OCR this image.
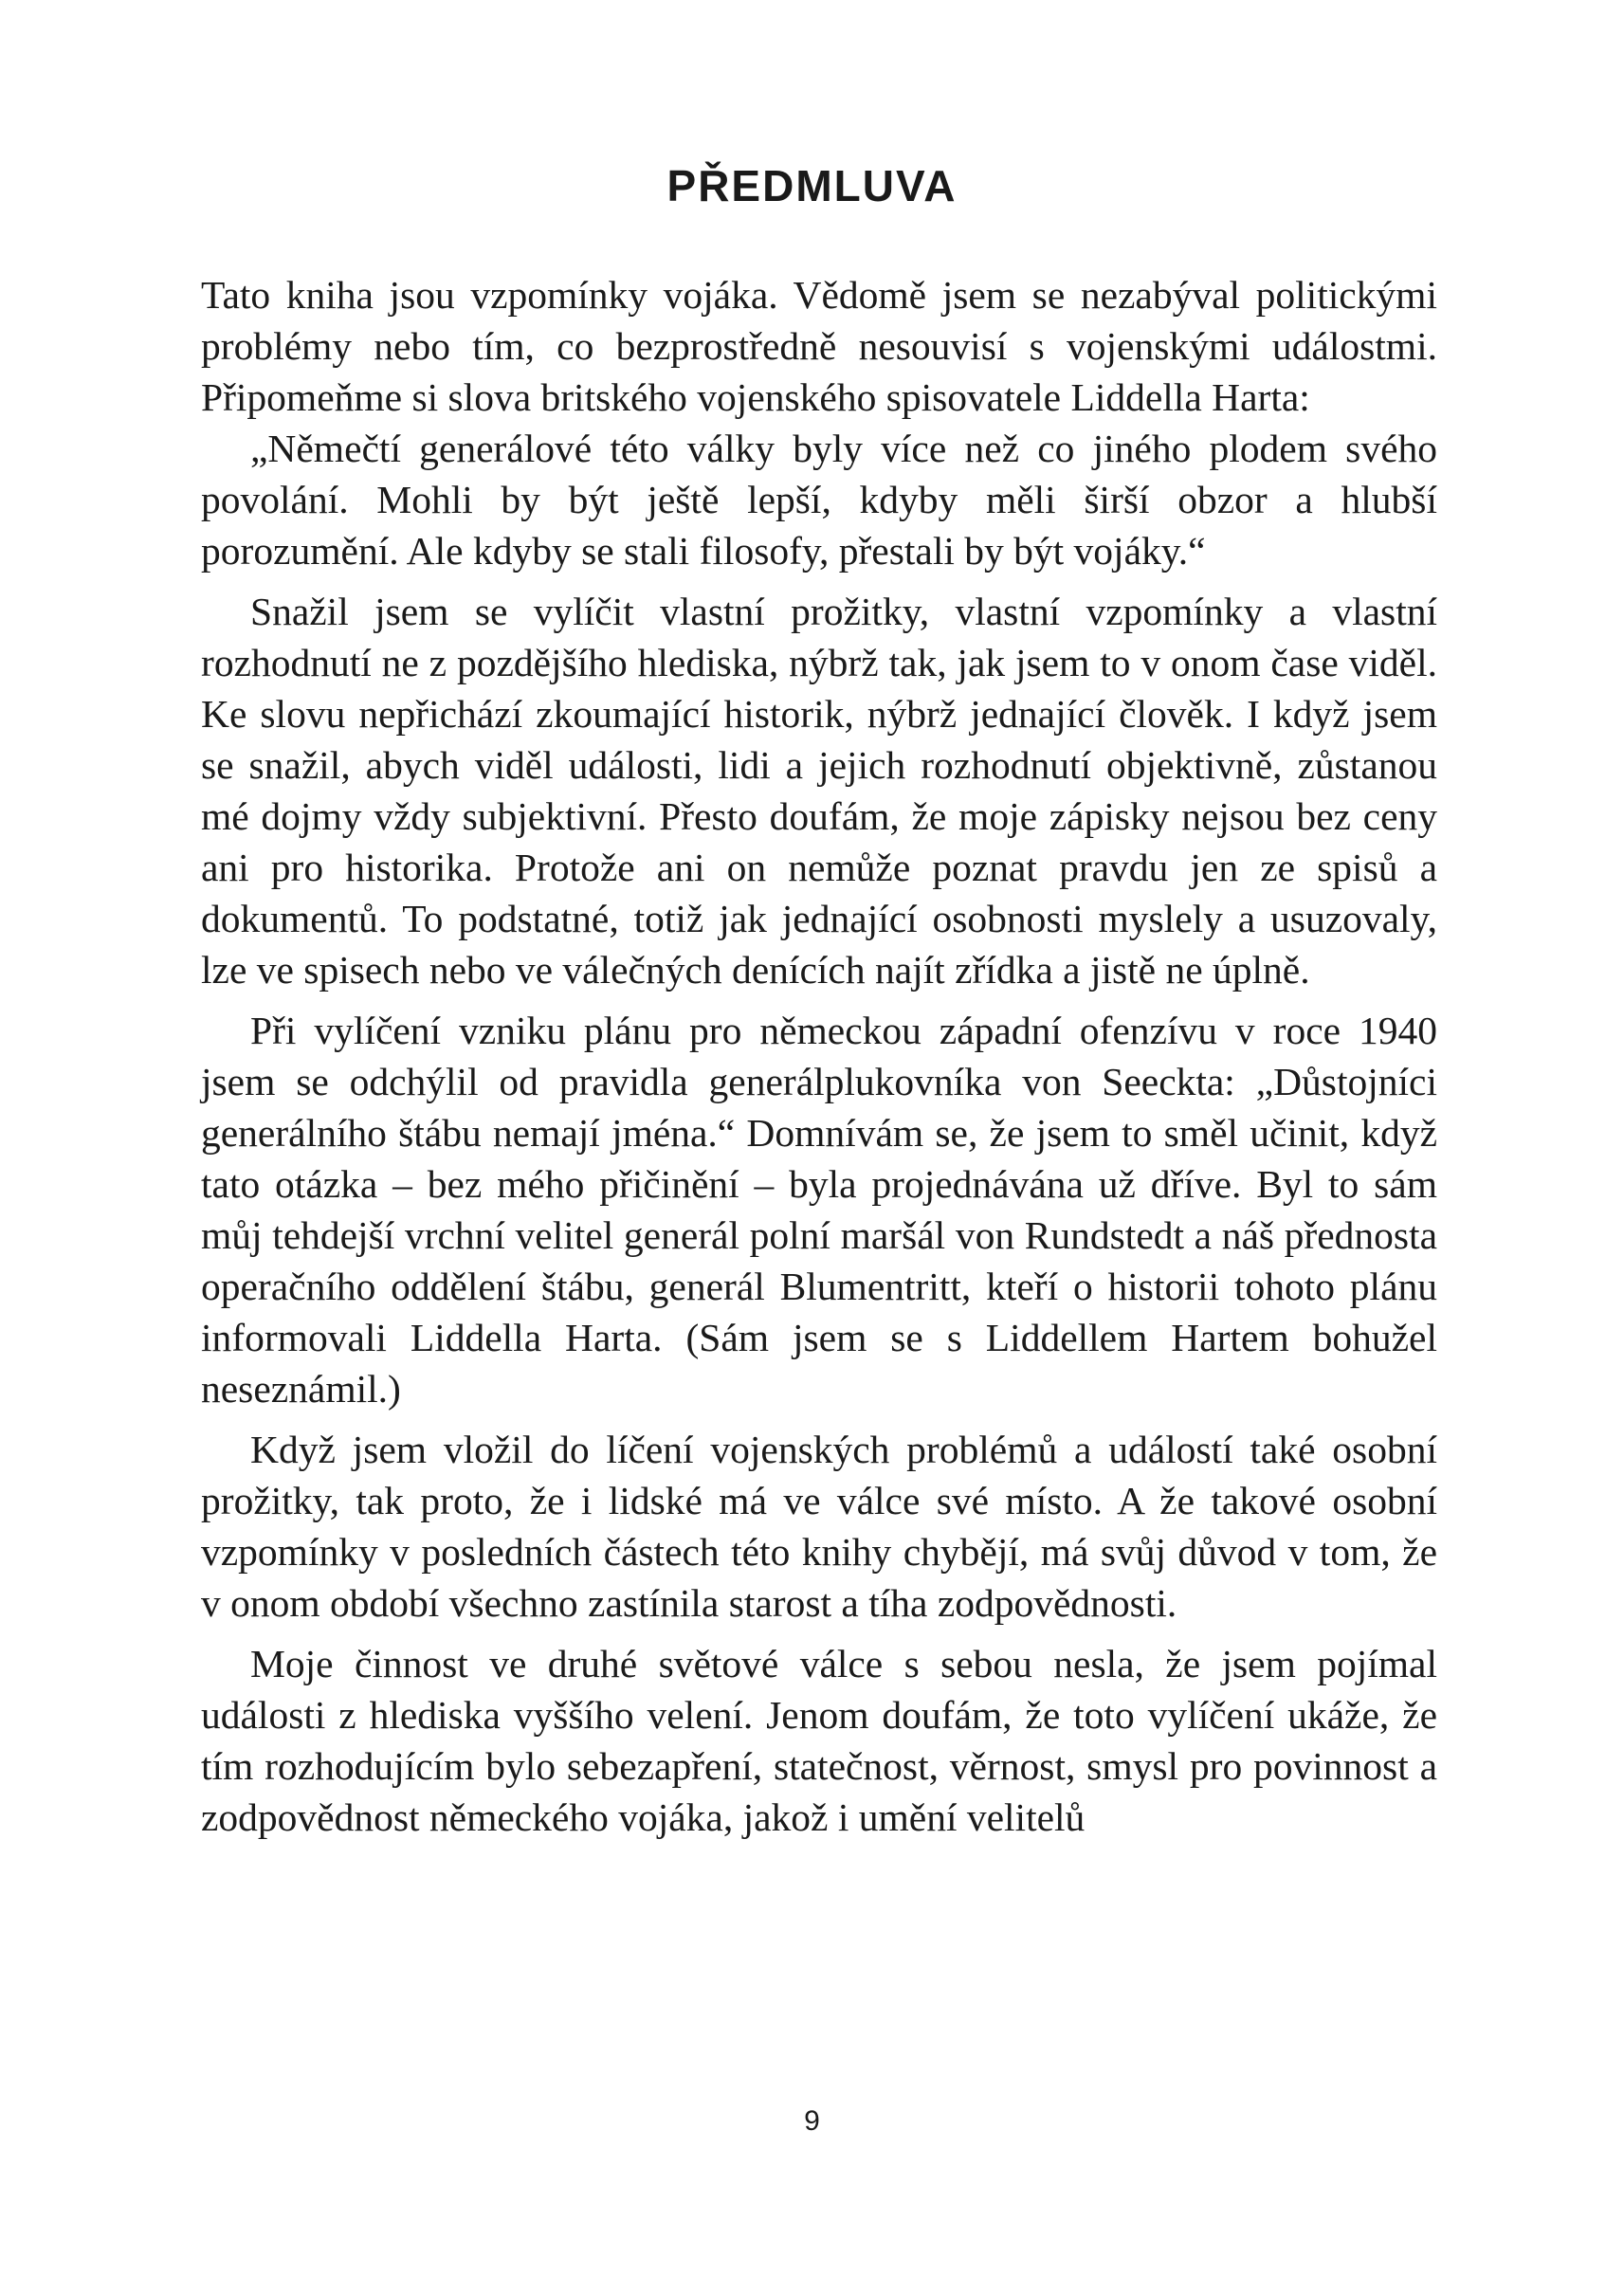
PŘEDMLUVA

Tato kniha jsou vzpomínky vojáka. Vědomě jsem se nezabýval politickými problémy nebo tím, co bezprostředně nesouvisí s vojenskými událostmi. Připomeňme si slova britského vojenského spisovatele Liddella Harta:

„Němečtí generálové této války byly více než co jiného plodem svého povolání. Mohli by být ještě lepší, kdyby měli širší obzor a hlubší porozumění. Ale kdyby se stali filosofy, přestali by být vojáky.“

Snažil jsem se vylíčit vlastní prožitky, vlastní vzpomínky a vlastní rozhodnutí ne z pozdějšího hlediska, nýbrž tak, jak jsem to v onom čase viděl. Ke slovu nepřichází zkoumající historik, nýbrž jednající člověk. I když jsem se snažil, abych viděl události, lidi a jejich rozhodnutí objektivně, zůstanou mé dojmy vždy subjektivní. Přesto doufám, že moje zápisky nejsou bez ceny ani pro historika. Protože ani on nemůže poznat pravdu jen ze spisů a dokumentů. To podstatné, totiž jak jednající osobnosti myslely a usuzovaly, lze ve spisech nebo ve válečných denících najít zřídka a jistě ne úplně.

Při vylíčení vzniku plánu pro německou západní ofenzívu v roce 1940 jsem se odchýlil od pravidla generálplukovníka von Seeckta: „Důstojníci generálního štábu nemají jména.“ Domnívám se, že jsem to směl učinit, když tato otázka – bez mého přičinění – byla projednávána už dříve. Byl to sám můj tehdejší vrchní velitel generál polní maršál von Rundstedt a náš přednosta operačního oddělení štábu, generál Blumentritt, kteří o historii tohoto plánu informovali Liddella Harta. (Sám jsem se s Liddellem Hartem bohužel neseznámil.)

Když jsem vložil do líčení vojenských problémů a událostí také osobní prožitky, tak proto, že i lidské má ve válce své místo. A že takové osobní vzpomínky v posledních částech této knihy chybějí, má svůj důvod v tom, že v onom období všechno zastínila starost a tíha zodpovědnosti.

Moje činnost ve druhé světové válce s sebou nesla, že jsem pojímal události z hlediska vyššího velení. Jenom doufám, že toto vylíčení ukáže, že tím rozhodujícím bylo sebezapření, statečnost, věrnost, smysl pro povinnost a zodpovědnost německého vojáka, jakož i umění velitelů

9
